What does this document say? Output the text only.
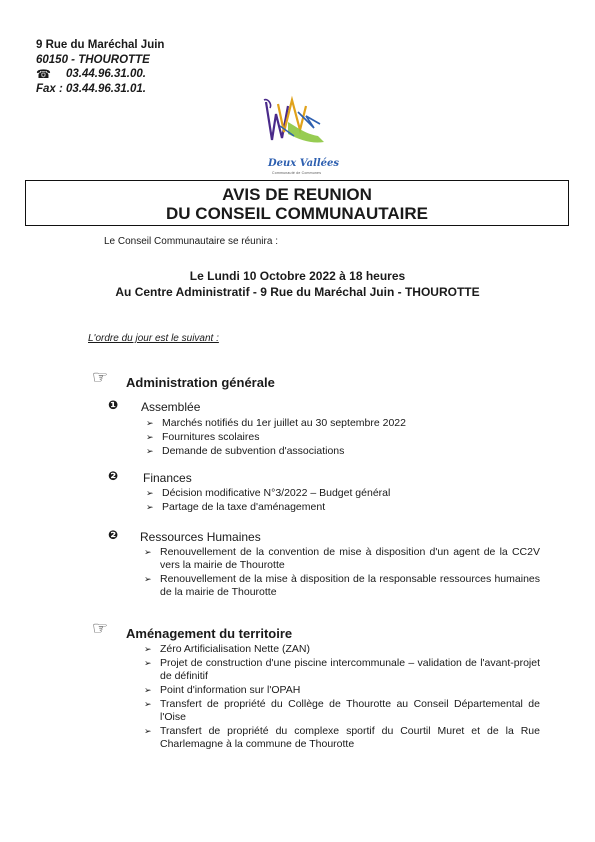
9 Rue du Maréchal Juin
60150 - THOUROTTE
☎	03.44.96.31.00.
Fax : 03.44.96.31.01.
Deux Vallées
Communauté de Communes
AVIS DE REUNION
DU CONSEIL COMMUNAUTAIRE
Le Conseil Communautaire se réunira :
Le Lundi 10 Octobre 2022 à 18 heures
Au Centre Administratif - 9 Rue du Maréchal Juin - THOUROTTE
L'ordre du jour est le suivant :
☞ Administration générale
❶ Assemblée
➢ Marchés notifiés du 1er juillet au 30 septembre 2022
➢ Fournitures scolaires
➢ Demande de subvention d'associations
❷ Finances
➢ Décision modificative N°3/2022 – Budget général
➢ Partage de la taxe d'aménagement
❷ Ressources Humaines
➢ Renouvellement de la convention de mise à disposition d'un agent de la CC2V vers la mairie de Thourotte
➢ Renouvellement de la mise à disposition de la responsable ressources humaines de la mairie de Thourotte
☞ Aménagement du territoire
➢ Zéro Artificialisation Nette (ZAN)
➢ Projet de construction d'une piscine intercommunale – validation de l'avant-projet de définitif
➢ Point d'information sur l'OPAH
➢ Transfert de propriété du Collège de Thourotte au Conseil Départemental de l'Oise
➢ Transfert de propriété du complexe sportif du Courtil Muret et de la Rue Charlemagne à la commune de Thourotte
